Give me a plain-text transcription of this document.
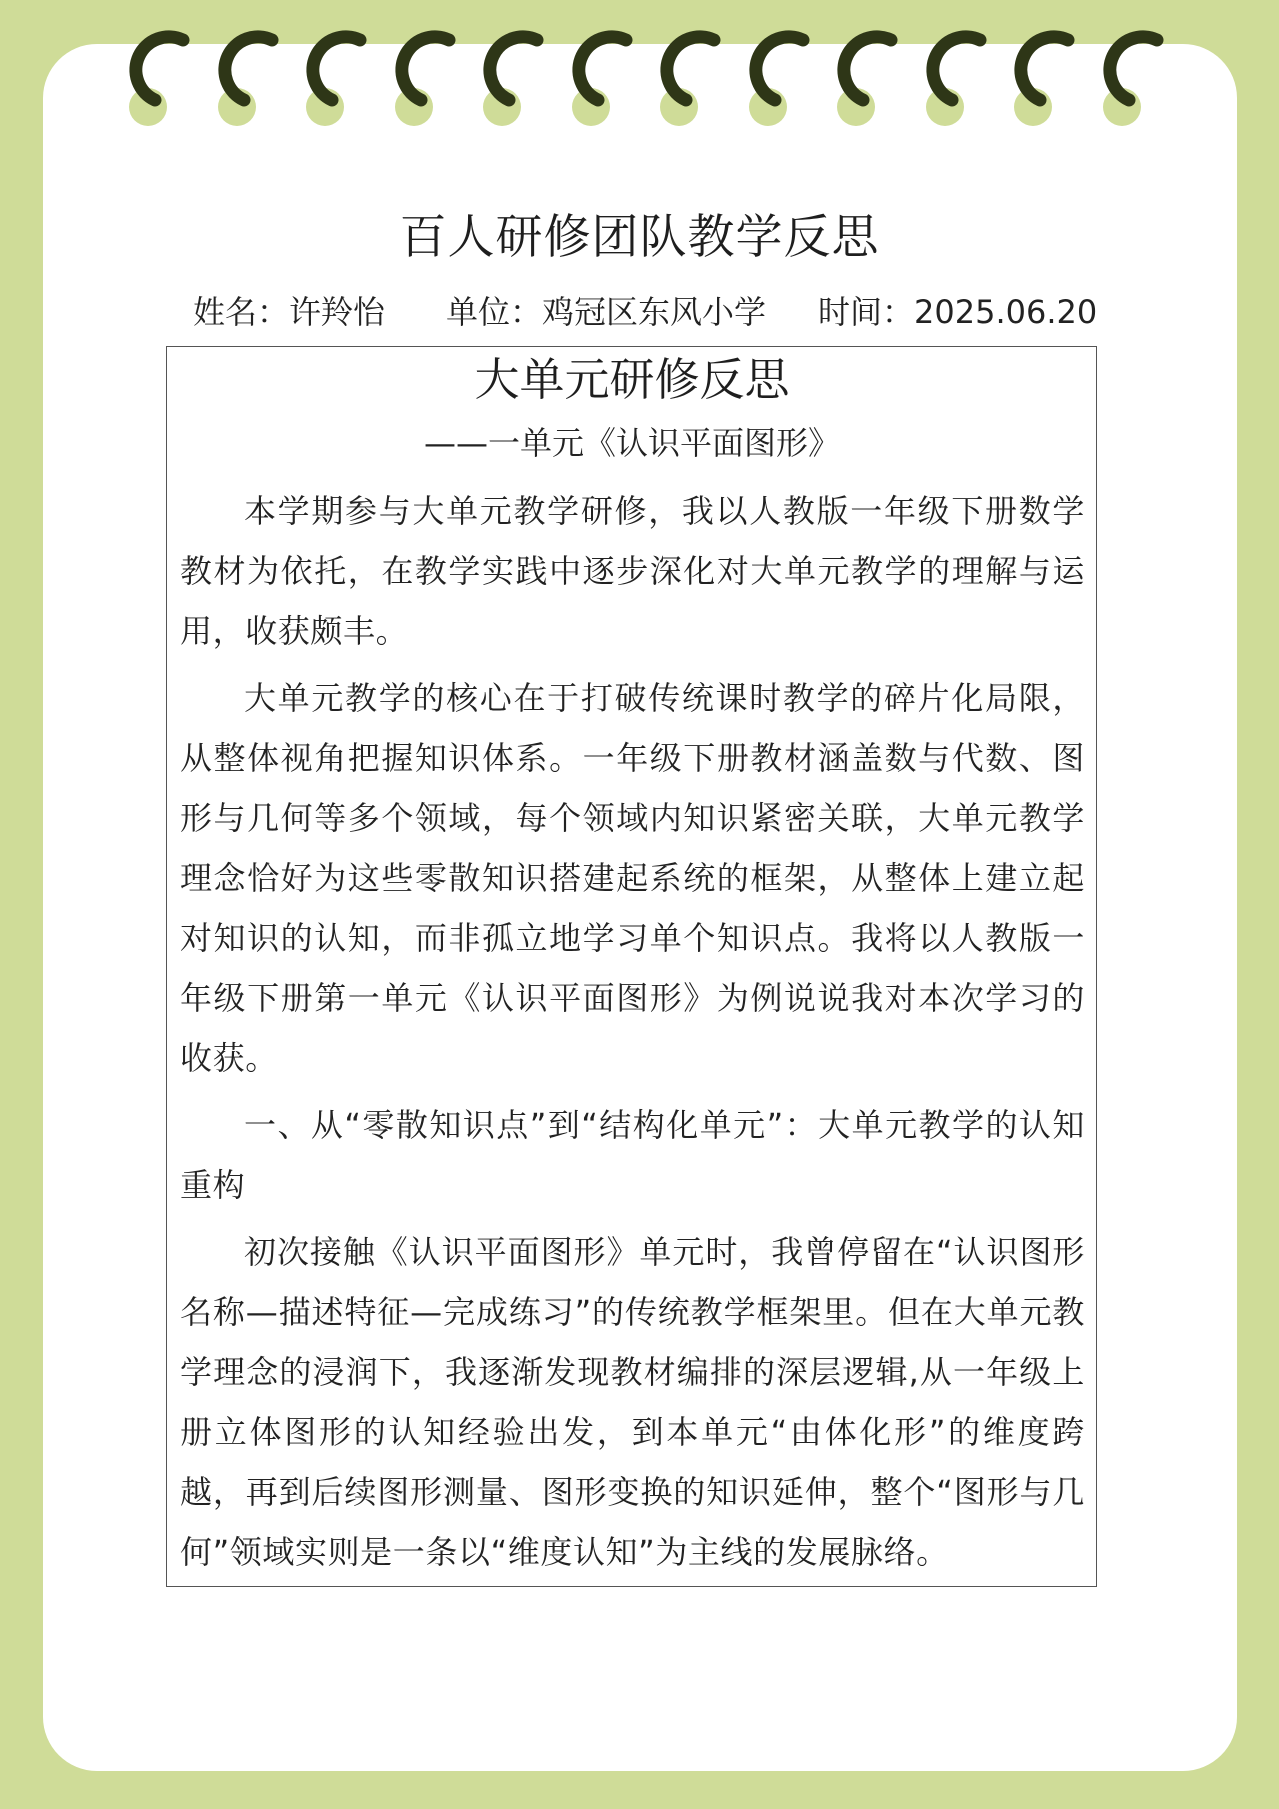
百人研修团队教学反思
姓名：许羚怡 单位：鸡冠区东风小学 时间：2025.06.20
大单元研修反思
——一单元《认识平面图形》

本学期参与大单元教学研修，我以人教版一年级下册数学教材为依托，在教学实践中逐步深化对大单元教学的理解与运用，收获颇丰。

大单元教学的核心在于打破传统课时教学的碎片化局限，从整体视角把握知识体系。一年级下册教材涵盖数与代数、图形与几何等多个领域，每个领域内知识紧密关联，大单元教学理念恰好为这些零散知识搭建起系统的框架，从整体上建立起对知识的认知，而非孤立地学习单个知识点。我将以人教版一年级下册第一单元《认识平面图形》为例说说我对本次学习的收获。

一、从“零散知识点”到“结构化单元”：大单元教学的认知重构

初次接触《认识平面图形》单元时，我曾停留在“认识图形名称—描述特征—完成练习”的传统教学框架里。但在大单元教学理念的浸润下，我逐渐发现教材编排的深层逻辑,从一年级上册立体图形的认知经验出发，到本单元“由体化形”的维度跨越，再到后续图形测量、图形变换的知识延伸，整个“图形与几何”领域实则是一条以“维度认知”为主线的发展脉络。
